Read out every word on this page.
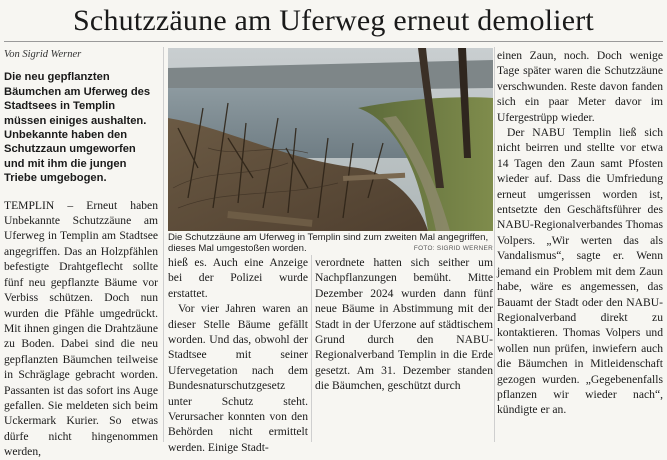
Schutzzäune am Uferweg erneut demoliert

Von Sigrid Werner

Die neu gepflanzten Bäumchen am Uferweg des Stadtsees in Templin müssen einiges aushalten. Unbekannte haben den Schutzzaun umgeworfen und mit ihm die jungen Triebe umgebogen.

TEMPLIN – Erneut haben Unbekannte Schutzzäune am Uferweg in Templin am Stadtsee angegriffen. Das an Holzpfählen befestigte Drahtgeflecht sollte fünf neu gepflanzte Bäume vor Verbiss schützen. Doch nun wurden die Pfähle umgedrückt. Mit ihnen gingen die Drahtzäune zu Boden. Dabei sind die neu gepflanzten Bäumchen teilweise in Schräglage gebracht worden. Passanten ist das sofort ins Auge gefallen. Sie meldeten sich beim Uckermark Kurier. So etwas dürfe nicht hingenommen werden,

Die Schutzzäune am Uferweg in Templin sind zum zweiten Mal angegriffen, dieses Mal umgestoßen worden.	FOTO: SIGRID WERNER

hieß es. Auch eine Anzeige bei der Polizei wurde erstattet.

Vor vier Jahren waren an dieser Stelle Bäume gefällt worden. Und das, obwohl der Stadtsee mit seiner Ufervegetation nach dem Bundesnaturschutzgesetz unter Schutz steht. Verursacher konnten von den Behörden nicht ermittelt werden. Einige Stadt-

verordnete hatten sich seither um Nachpflanzungen bemüht. Mitte Dezember 2024 wurden dann fünf neue Bäume in Abstimmung mit der Stadt in der Uferzone auf städtischem Grund durch den NABU-Regionalverband Templin in die Erde gesetzt. Am 31. Dezember standen die Bäumchen, geschützt durch

einen Zaun, noch. Doch wenige Tage später waren die Schutzzäune verschwunden. Reste davon fanden sich ein paar Meter davor im Ufergestrüpp wieder.

Der NABU Templin ließ sich nicht beirren und stellte vor etwa 14 Tagen den Zaun samt Pfosten wieder auf. Dass die Umfriedung erneut umgerissen worden ist, entsetzte den Geschäftsführer des NABU-Regionalverbandes Thomas Volpers. „Wir werten das als Vandalismus“, sagte er. Wenn jemand ein Problem mit dem Zaun habe, wäre es angemessen, das Bauamt der Stadt oder den NABU-Regionalverband direkt zu kontaktieren. Thomas Volpers und wollen nun prüfen, inwiefern auch die Bäumchen in Mitleidenschaft gezogen wurden. „Gegebenenfalls pflanzen wir wieder nach“, kündigte er an.
